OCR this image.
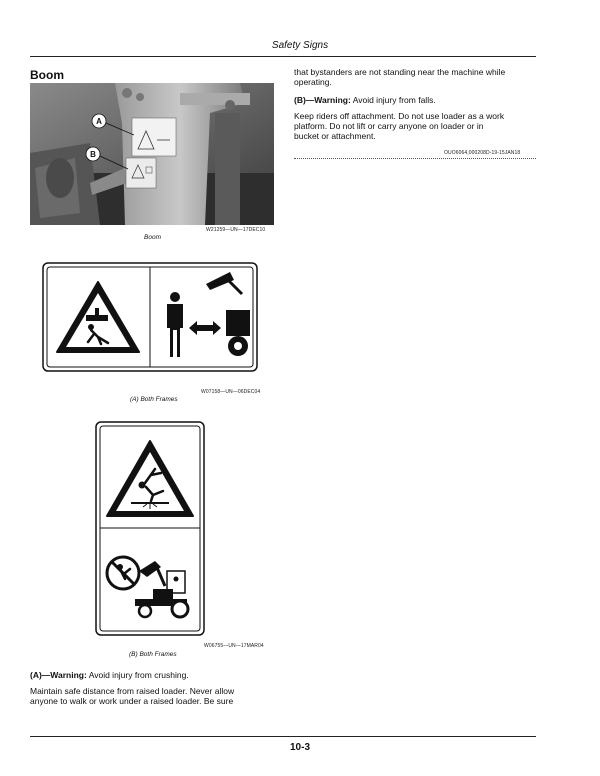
Safety Signs
Boom
A
B
W21259—UN—17DEC10
Boom
W07158—UN—06DEC04
(A) Both Frames
W06755—UN—17MAR04
(B) Both Frames
(A)—Warning: Avoid injury from crushing.
Maintain safe distance from raised loader. Never allow
anyone to walk or work under a raised loader. Be sure
that bystanders are not standing near the machine while
operating.
(B)—Warning: Avoid injury from falls.
Keep riders off attachment. Do not use loader as a work
platform. Do not lift or carry anyone on loader or in
bucket or attachment.
OUO6064,000208D-19-15JAN18
10-3
